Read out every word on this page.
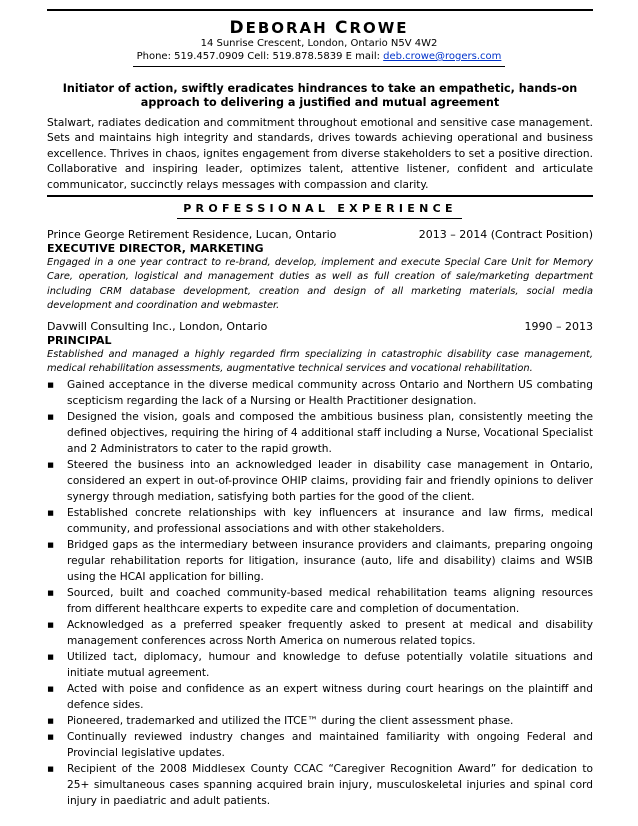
DEBORAH CROWE
14 Sunrise Crescent, London, Ontario N5V 4W2
Phone: 519.457.0909 Cell: 519.878.5839 E mail: deb.crowe@rogers.com
Initiator of action, swiftly eradicates hindrances to take an empathetic, hands-on approach to delivering a justified and mutual agreement
Stalwart, radiates dedication and commitment throughout emotional and sensitive case management. Sets and maintains high integrity and standards, drives towards achieving operational and business excellence. Thrives in chaos, ignites engagement from diverse stakeholders to set a positive direction. Collaborative and inspiring leader, optimizes talent, attentive listener, confident and articulate communicator, succinctly relays messages with compassion and clarity.
PROFESSIONAL EXPERIENCE
Prince George Retirement Residence, Lucan, Ontario	2013 – 2014 (Contract Position)
EXECUTIVE DIRECTOR, MARKETING
Engaged in a one year contract to re-brand, develop, implement and execute Special Care Unit for Memory Care, operation, logistical and management duties as well as full creation of sale/marketing department including CRM database development, creation and design of all marketing materials, social media development and coordination and webmaster.
Davwill Consulting Inc., London, Ontario	1990 – 2013
PRINCIPAL
Established and managed a highly regarded firm specializing in catastrophic disability case management, medical rehabilitation assessments, augmentative technical services and vocational rehabilitation.
▪ Gained acceptance in the diverse medical community across Ontario and Northern US combating scepticism regarding the lack of a Nursing or Health Practitioner designation.
▪ Designed the vision, goals and composed the ambitious business plan, consistently meeting the defined objectives, requiring the hiring of 4 additional staff including a Nurse, Vocational Specialist and 2 Administrators to cater to the rapid growth.
▪ Steered the business into an acknowledged leader in disability case management in Ontario, considered an expert in out-of-province OHIP claims, providing fair and friendly opinions to deliver synergy through mediation, satisfying both parties for the good of the client.
▪ Established concrete relationships with key influencers at insurance and law firms, medical community, and professional associations and with other stakeholders.
▪ Bridged gaps as the intermediary between insurance providers and claimants, preparing ongoing regular rehabilitation reports for litigation, insurance (auto, life and disability) claims and WSIB using the HCAI application for billing.
▪ Sourced, built and coached community-based medical rehabilitation teams aligning resources from different healthcare experts to expedite care and completion of documentation.
▪ Acknowledged as a preferred speaker frequently asked to present at medical and disability management conferences across North America on numerous related topics.
▪ Utilized tact, diplomacy, humour and knowledge to defuse potentially volatile situations and initiate mutual agreement.
▪ Acted with poise and confidence as an expert witness during court hearings on the plaintiff and defence sides.
▪ Pioneered, trademarked and utilized the ITCE™ during the client assessment phase.
▪ Continually reviewed industry changes and maintained familiarity with ongoing Federal and Provincial legislative updates.
▪ Recipient of the 2008 Middlesex County CCAC “Caregiver Recognition Award” for dedication to 25+ simultaneous cases spanning acquired brain injury, musculoskeletal injuries and spinal cord injury in paediatric and adult patients.
